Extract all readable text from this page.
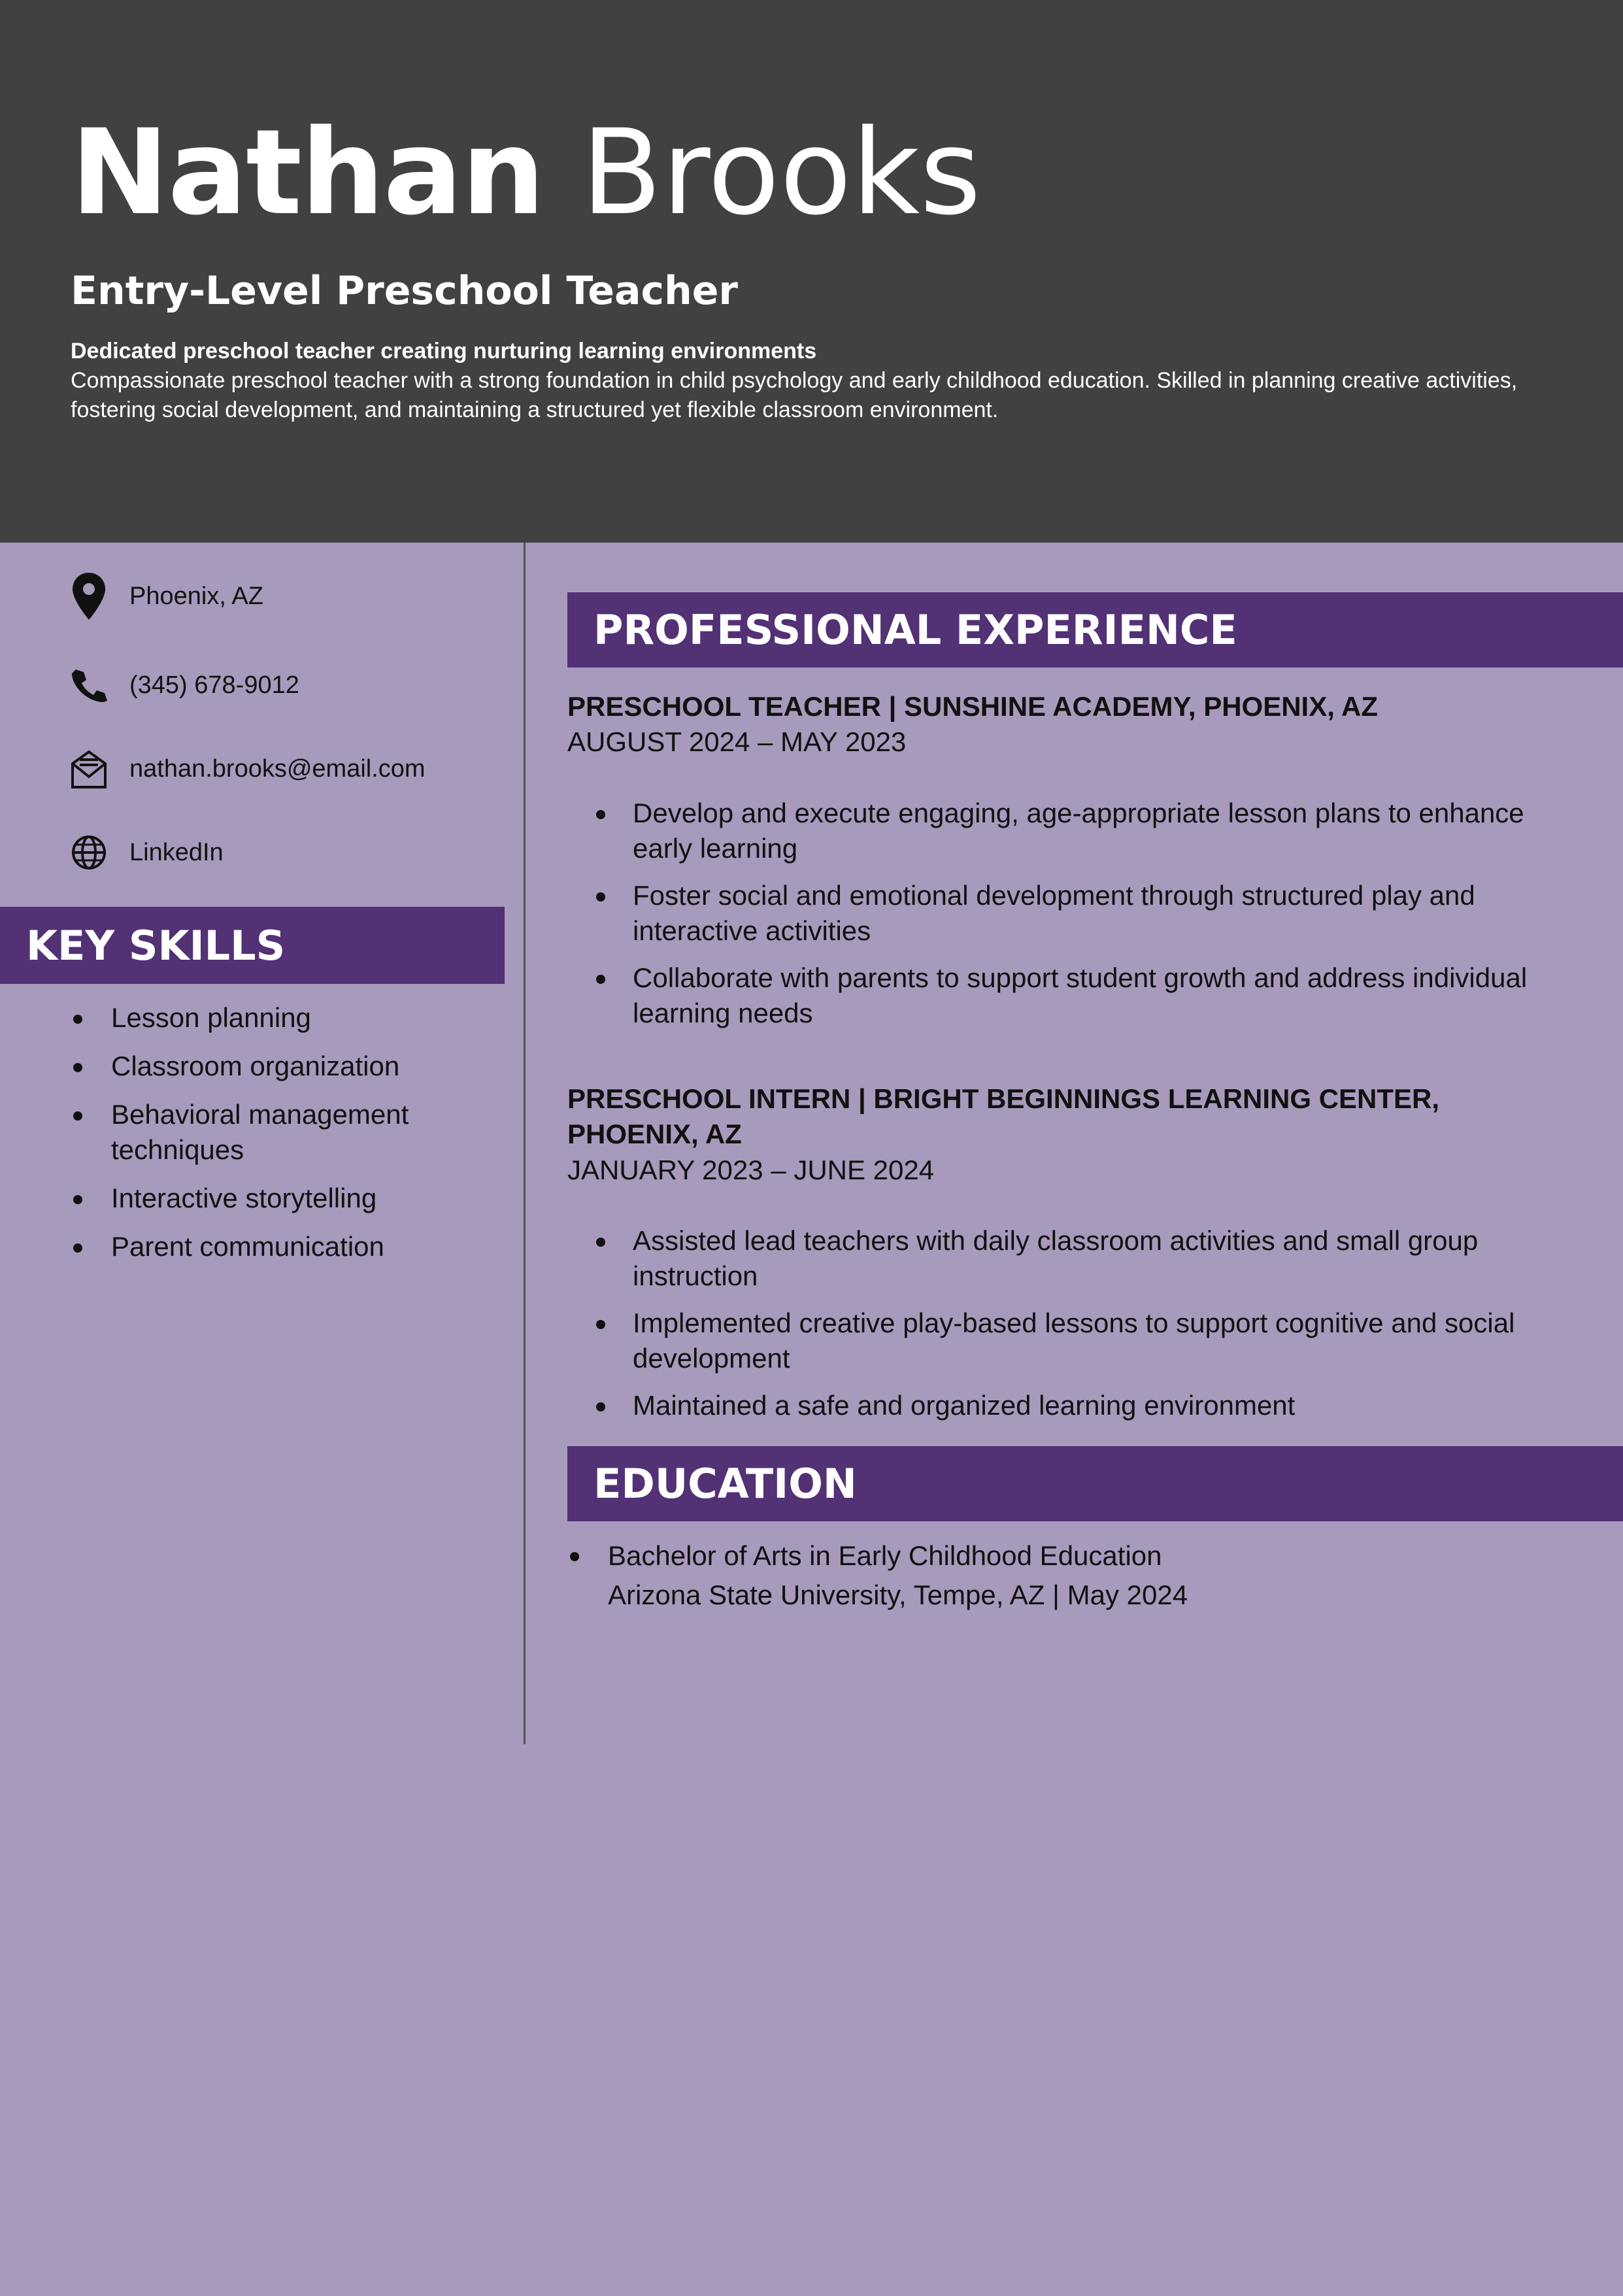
Nathan Brooks
Entry-Level Preschool Teacher
Dedicated preschool teacher creating nurturing learning environments
Compassionate preschool teacher with a strong foundation in child psychology and early childhood education. Skilled in planning creative activities, fostering social development, and maintaining a structured yet flexible classroom environment.
Phoenix, AZ
(345) 678-9012
nathan.brooks@email.com
LinkedIn
KEY SKILLS
Lesson planning
Classroom organization
Behavioral management techniques
Interactive storytelling
Parent communication
PROFESSIONAL EXPERIENCE
PRESCHOOL TEACHER | SUNSHINE ACADEMY, PHOENIX, AZ
AUGUST 2024 – MAY 2023
Develop and execute engaging, age-appropriate lesson plans to enhance early learning
Foster social and emotional development through structured play and interactive activities
Collaborate with parents to support student growth and address individual learning needs
PRESCHOOL INTERN | BRIGHT BEGINNINGS LEARNING CENTER, PHOENIX, AZ
JANUARY 2023 – JUNE 2024
Assisted lead teachers with daily classroom activities and small group instruction
Implemented creative play-based lessons to support cognitive and social development
Maintained a safe and organized learning environment
EDUCATION
Bachelor of Arts in Early Childhood Education
Arizona State University, Tempe, AZ | May 2024
